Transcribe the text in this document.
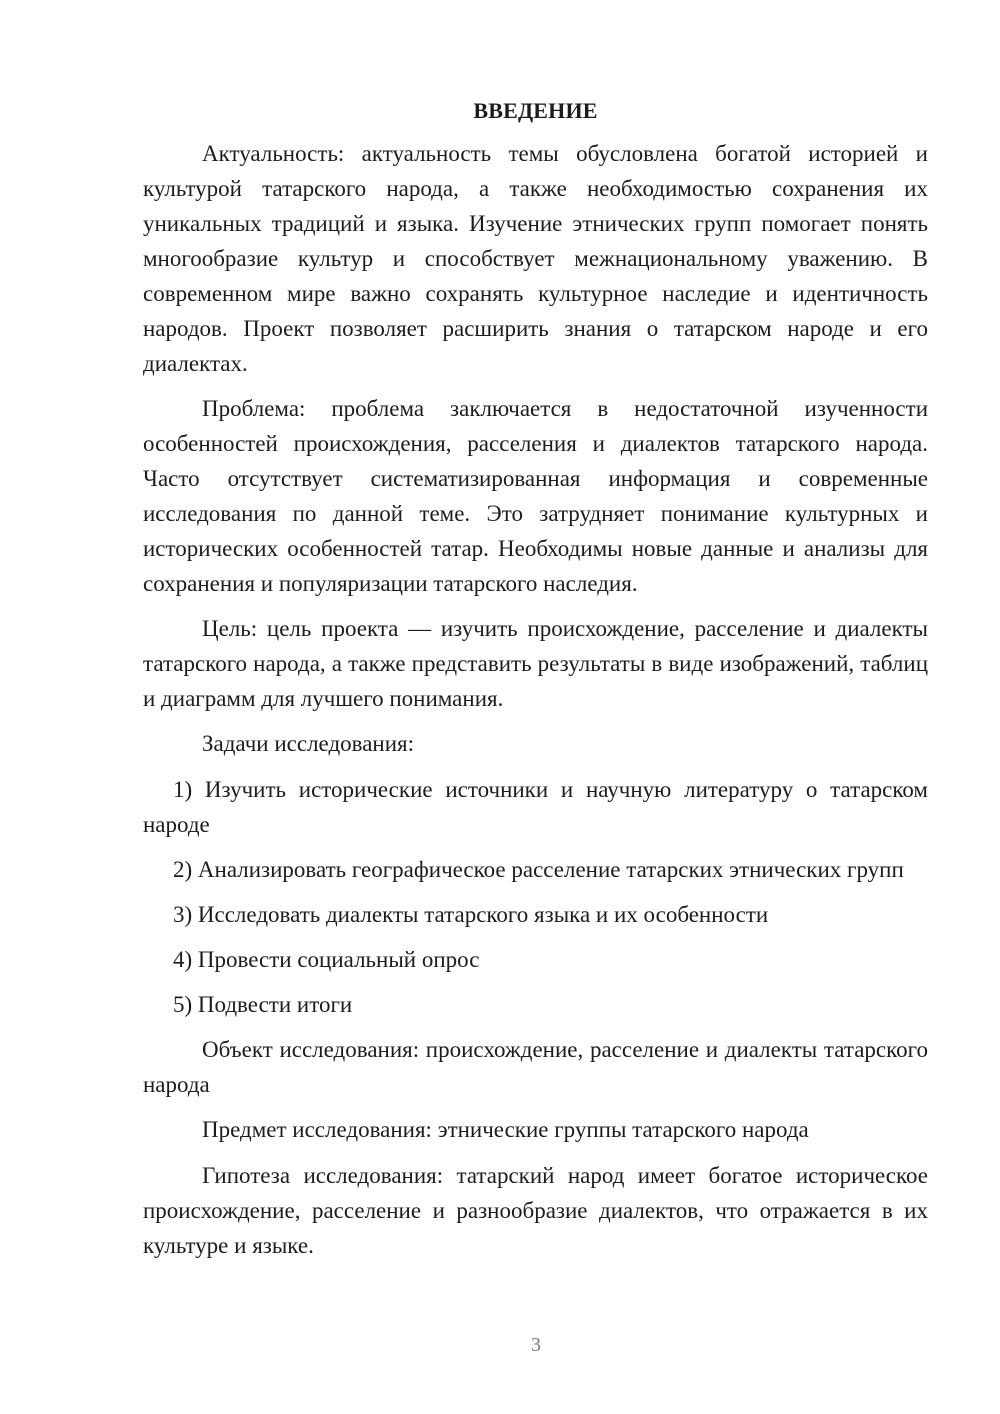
ВВЕДЕНИЕ

Актуальность: актуальность темы обусловлена богатой историей и культурой татарского народа, а также необходимостью сохранения их уникальных традиций и языка. Изучение этнических групп помогает понять многообразие культур и способствует межнациональному уважению. В современном мире важно сохранять культурное наследие и идентичность народов. Проект позволяет расширить знания о татарском народе и его диалектах.

Проблема: проблема заключается в недостаточной изученности особенностей происхождения, расселения и диалектов татарского народа. Часто отсутствует систематизированная информация и современные исследования по данной теме. Это затрудняет понимание культурных и исторических особенностей татар. Необходимы новые данные и анализы для сохранения и популяризации татарского наследия.

Цель: цель проекта — изучить происхождение, расселение и диалекты татарского народа, а также представить результаты в виде изображений, таблиц и диаграмм для лучшего понимания.

Задачи исследования:

1) Изучить исторические источники и научную литературу о татарском народе

2) Анализировать географическое расселение татарских этнических групп

3) Исследовать диалекты татарского языка и их особенности

4) Провести социальный опрос

5) Подвести итоги

Объект исследования: происхождение, расселение и диалекты татарского народа

Предмет исследования: этнические группы татарского народа

Гипотеза исследования: татарский народ имеет богатое историческое происхождение, расселение и разнообразие диалектов, что отражается в их культуре и языке.

3
